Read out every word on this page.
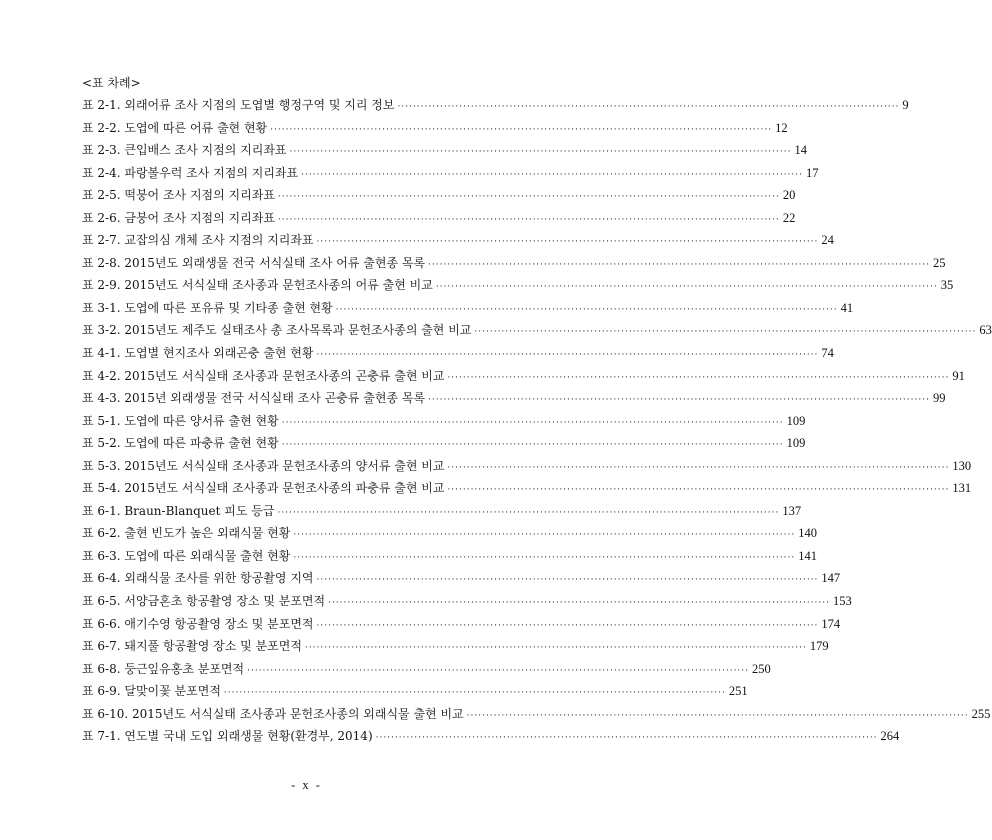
<표 차례>
표 2-1. 외래어류 조사 지점의 도엽별 행정구역 및 지리 정보 ·································································································································· 9
표 2-2. 도엽에 따른 어류 출현 현황 ·································································································································· 12
표 2-3. 큰입배스 조사 지점의 지리좌표 ·································································································································· 14
표 2-4. 파랑볼우럭 조사 지점의 지리좌표 ·································································································································· 17
표 2-5. 떡붕어 조사 지점의 지리좌표 ·································································································································· 20
표 2-6. 금붕어 조사 지점의 지리좌표 ·································································································································· 22
표 2-7. 교잡의심 개체 조사 지점의 지리좌표 ·································································································································· 24
표 2-8. 2015년도 외래생물 전국 서식실태 조사 어류 출현종 목록 ·································································································································· 25
표 2-9. 2015년도 서식실태 조사종과 문헌조사종의 어류 출현 비교 ·································································································································· 35
표 3-1. 도엽에 따른 포유류 및 기타종 출현 현황 ·································································································································· 41
표 3-2. 2015년도 제주도 실태조사 총 조사목록과 문헌조사종의 출현 비교 ·································································································································· 63
표 4-1. 도엽별 현지조사 외래곤충 출현 현황 ·································································································································· 74
표 4-2. 2015년도 서식실태 조사종과 문헌조사종의 곤충류 출현 비교 ·································································································································· 91
표 4-3. 2015년 외래생물 전국 서식실태 조사 곤충류 출현종 목록 ·································································································································· 99
표 5-1. 도엽에 따른 양서류 출현 현황 ·································································································································· 109
표 5-2. 도엽에 따른 파충류 출현 현황 ·································································································································· 109
표 5-3. 2015년도 서식실태 조사종과 문헌조사종의 양서류 출현 비교 ·································································································································· 130
표 5-4. 2015년도 서식실태 조사종과 문헌조사종의 파충류 출현 비교 ·································································································································· 131
표 6-1. Braun-Blanquet 피도 등급 ·································································································································· 137
표 6-2. 출현 빈도가 높은 외래식물 현황 ·································································································································· 140
표 6-3. 도엽에 따른 외래식물 출현 현황 ·································································································································· 141
표 6-4. 외래식물 조사를 위한 항공촬영 지역 ·································································································································· 147
표 6-5. 서양금혼초 항공촬영 장소 및 분포면적 ·································································································································· 153
표 6-6. 애기수영 항공촬영 장소 및 분포면적 ·································································································································· 174
표 6-7. 돼지풀 항공촬영 장소 및 분포면적 ·································································································································· 179
표 6-8. 둥근잎유홍초 분포면적 ·································································································································· 250
표 6-9. 달맞이꽃 분포면적 ·································································································································· 251
표 6-10. 2015년도 서식실태 조사종과 문헌조사종의 외래식물 출현 비교 ·································································································································· 255
표 7-1. 연도별 국내 도입 외래생물 현황(환경부, 2014) ·································································································································· 264
- x -
